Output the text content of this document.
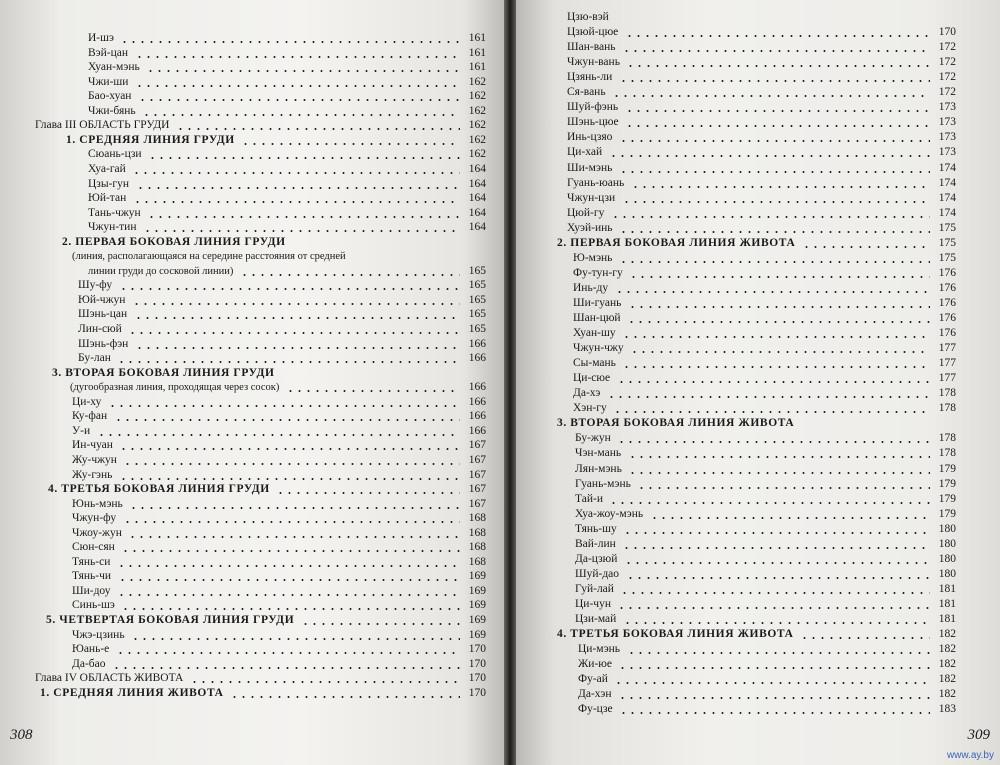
И-шэ	161
Вэй-цан	161
Хуан-мэнь	161
Чжи-ши	162
Бао-хуан	162
Чжи-бянь	162
Глава III ОБЛАСТЬ ГРУДИ	162
1. СРЕДНЯЯ ЛИНИЯ ГРУДИ	162
Сюань-цзи	162
Хуа-гай	164
Цзы-гун	164
Юй-тан	164
Тань-чжун	164
Чжун-тин	164
2. ПЕРВАЯ БОКОВАЯ ЛИНИЯ ГРУДИ
(линия, располагающаяся на середине расстояния от средней
линии груди до сосковой линии)	165
Шу-фу	165
Юй-чжун	165
Шэнь-цан	165
Лин-сюй	165
Шэнь-фэн	166
Бу-лан	166
3. ВТОРАЯ БОКОВАЯ ЛИНИЯ ГРУДИ
(дугообразная линия, проходящая через сосок)	166
Ци-ху	166
Ку-фан	166
У-и	166
Ин-чуан	167
Жу-чжун	167
Жу-гэнь	167
4. ТРЕТЬЯ БОКОВАЯ ЛИНИЯ ГРУДИ	167
Юнь-мэнь	167
Чжун-фу	168
Чжоу-жун	168
Сюн-сян	168
Тянь-си	168
Тянь-чи	169
Ши-доу	169
Синь-шэ	169
5. ЧЕТВЕРТАЯ БОКОВАЯ ЛИНИЯ ГРУДИ	169
Чжэ-цзинь	169
Юань-е	170
Да-бао	170
Глава IV ОБЛАСТЬ ЖИВОТА	170
1. СРЕДНЯЯ ЛИНИЯ ЖИВОТА	170
308
Цзю-вэй
Цзюй-цюе	170
Шан-вань	172
Чжун-вань	172
Цзянь-ли	172
Ся-вань	172
Шуй-фэнь	173
Шэнь-цюе	173
Инь-цзяо	173
Ци-хай	173
Ши-мэнь	174
Гуань-юань	174
Чжун-цзи	174
Цюй-гу	174
Хуэй-инь	175
2. ПЕРВАЯ БОКОВАЯ ЛИНИЯ ЖИВОТА	175
Ю-мэнь	175
Фу-тун-гу	176
Инь-ду	176
Ши-гуань	176
Шан-цюй	176
Хуан-шу	176
Чжун-чжу	177
Сы-мань	177
Ци-сюе	177
Да-хэ	178
Хэн-гу	178
3. ВТОРАЯ БОКОВАЯ ЛИНИЯ ЖИВОТА
Бу-жун	178
Чэн-мань	178
Лян-мэнь	179
Гуань-мэнь	179
Тай-и	179
Хуа-жоу-мэнь	179
Тянь-шу	180
Вай-лин	180
Да-цзюй	180
Шуй-дао	180
Гуй-лай	181
Ци-чун	181
Цзи-май	181
4. ТРЕТЬЯ БОКОВАЯ ЛИНИЯ ЖИВОТА	182
Ци-мэнь	182
Жи-юе	182
Фу-ай	182
Да-хэн	182
Фу-цзе	183
309
www.ay.by
